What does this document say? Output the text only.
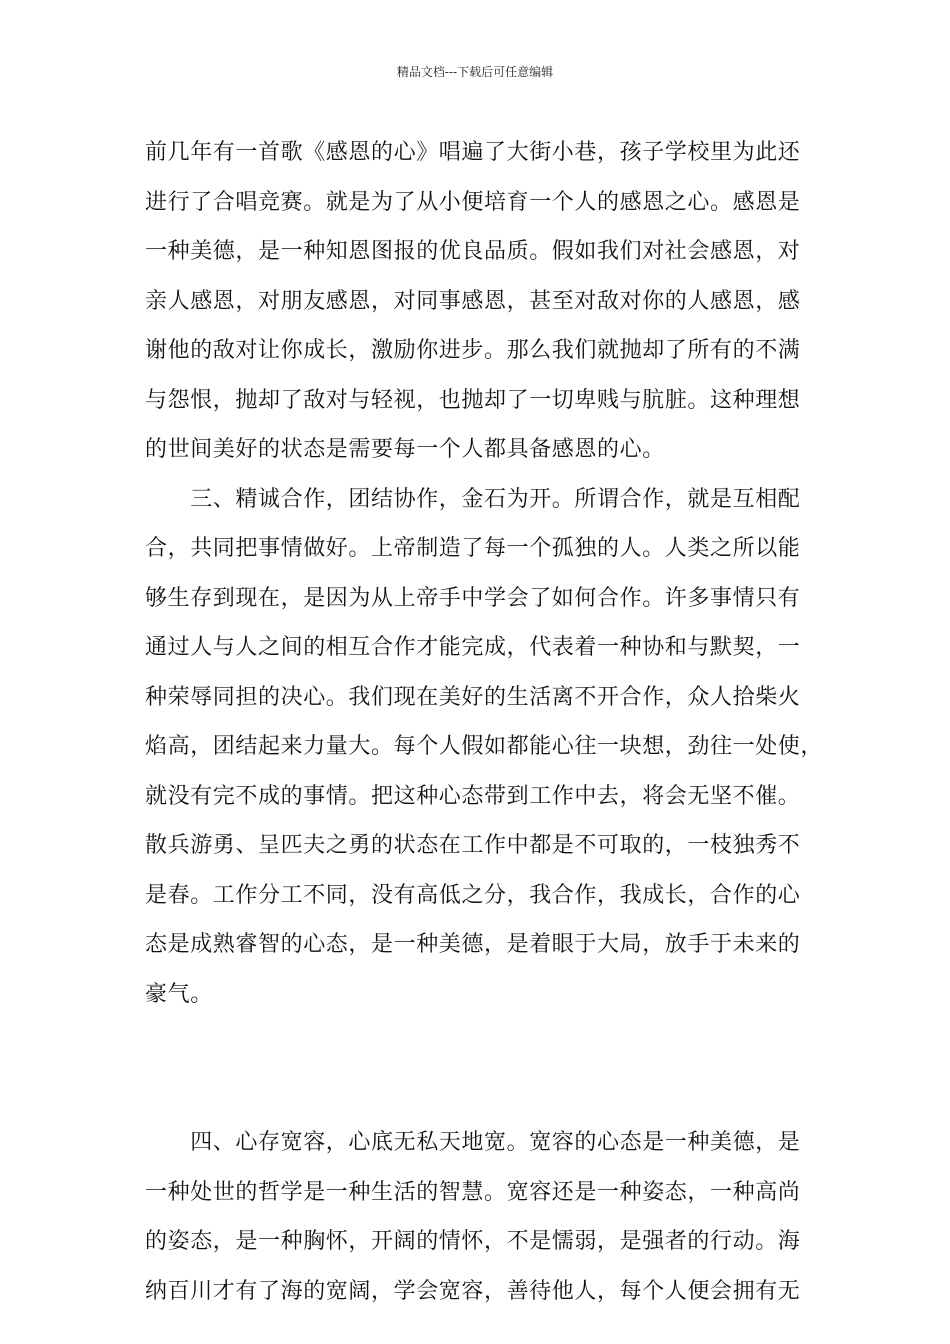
精品文档---下载后可任意编辑
前几年有一首歌《感恩的心》唱遍了大街小巷，孩子学校里为此还
进行了合唱竞赛。就是为了从小便培育一个人的感恩之心。感恩是
一种美德，是一种知恩图报的优良品质。假如我们对社会感恩，对
亲人感恩，对朋友感恩，对同事感恩，甚至对敌对你的人感恩，感
谢他的敌对让你成长，激励你进步。那么我们就抛却了所有的不满
与怨恨，抛却了敌对与轻视，也抛却了一切卑贱与肮脏。这种理想
的世间美好的状态是需要每一个人都具备感恩的心。
　　三、精诚合作，团结协作，金石为开。所谓合作，就是互相配
合，共同把事情做好。上帝制造了每一个孤独的人。人类之所以能
够生存到现在，是因为从上帝手中学会了如何合作。许多事情只有
通过人与人之间的相互合作才能完成，代表着一种协和与默契，一
种荣辱同担的决心。我们现在美好的生活离不开合作，众人拾柴火
焰高，团结起来力量大。每个人假如都能心往一块想，劲往一处使，
就没有完不成的事情。把这种心态带到工作中去，将会无坚不催。
散兵游勇、呈匹夫之勇的状态在工作中都是不可取的，一枝独秀不
是春。工作分工不同，没有高低之分，我合作，我成长，合作的心
态是成熟睿智的心态，是一种美德，是着眼于大局，放手于未来的
豪气。
　　四、心存宽容，心底无私天地宽。宽容的心态是一种美德，是
一种处世的哲学是一种生活的智慧。宽容还是一种姿态，一种高尚
的姿态，是一种胸怀，开阔的情怀，不是懦弱，是强者的行动。海
纳百川才有了海的宽阔，学会宽容，善待他人，每个人便会拥有无
